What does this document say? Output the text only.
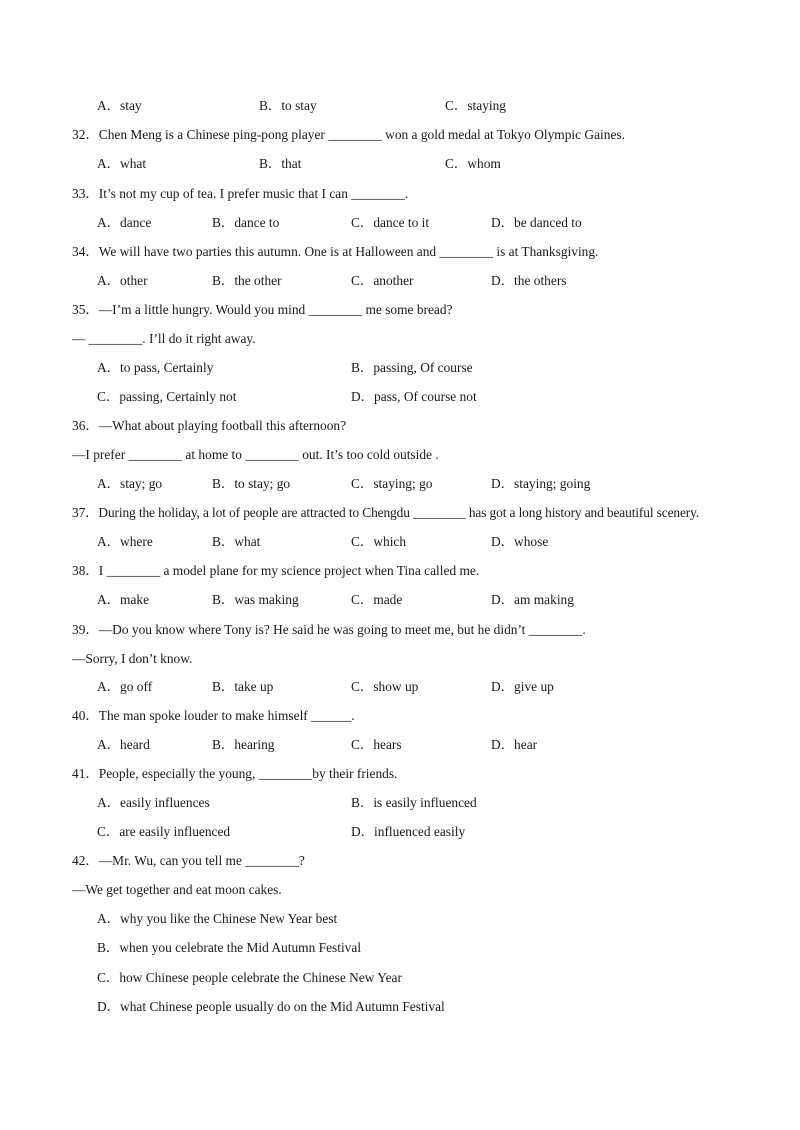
A．stay	B．to stay	C．staying
32．Chen Meng is a Chinese ping-pong player ________ won a gold medal at Tokyo Olympic Gaines.
A．what	B．that	C．whom
33．It’s not my cup of tea. I prefer music that I can ________.
A．dance	B．dance to	C．dance to it	D．be danced to
34．We will have two parties this autumn. One is at Halloween and ________ is at Thanksgiving.
A．other	B．the other	C．another	D．the others
35．—I’m a little hungry. Would you mind ________ me some bread?
— ________. I’ll do it right away.
A．to pass, Certainly	B．passing, Of course
C．passing, Certainly not	D．pass, Of course not
36．—What about playing football this afternoon?
—I prefer ________ at home to ________ out. It’s too cold outside .
A．stay; go	B．to stay; go	C．staying; go	D．staying; going
37．During the holiday, a lot of people are attracted to Chengdu ________ has got a long history and beautiful scenery.
A．where	B．what	C．which	D．whose
38．I ________ a model plane for my science project when Tina called me.
A．make	B．was making	C．made	D．am making
39．—Do you know where Tony is? He said he was going to meet me, but he didn’t ________.
—Sorry, I don’t know.
A．go off	B．take up	C．show up	D．give up
40．The man spoke louder to make himself ______.
A．heard	B．hearing	C．hears	D．hear
41．People, especially the young, ________by their friends.
A．easily influences	B．is easily influenced
C．are easily influenced	D．influenced easily
42．—Mr. Wu, can you tell me ________?
—We get together and eat moon cakes.
A．why you like the Chinese New Year best
B．when you celebrate the Mid Autumn Festival
C．how Chinese people celebrate the Chinese New Year
D．what Chinese people usually do on the Mid Autumn Festival
